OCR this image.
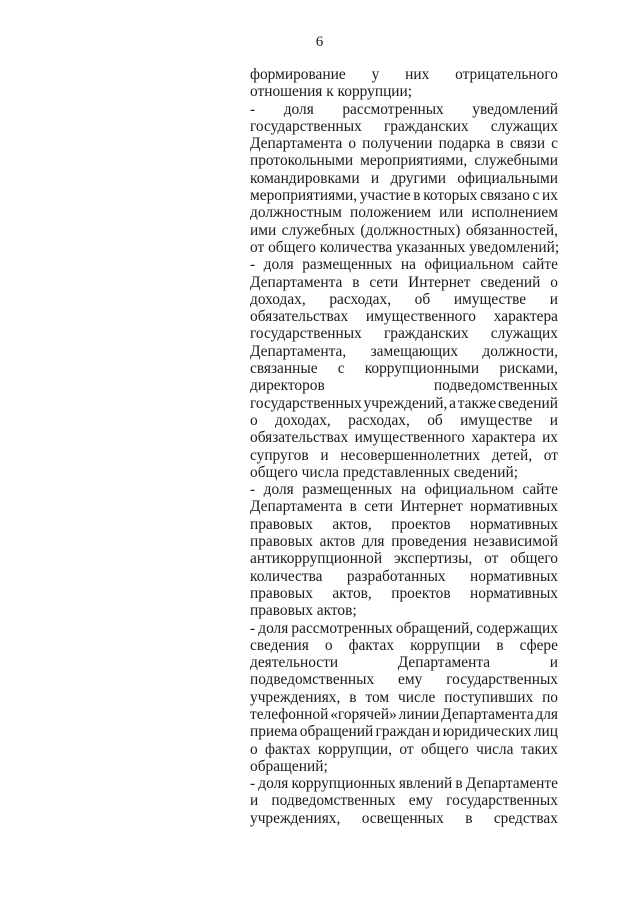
6
формирование у них отрицательного
отношения к коррупции;
- доля рассмотренных уведомлений
государственных гражданских служащих
Департамента о получении подарка в связи с
протокольными мероприятиями, служебными
командировками и другими официальными
мероприятиями, участие в которых связано с их
должностным положением или исполнением
ими служебных (должностных) обязанностей,
от общего количества указанных уведомлений;
- доля размещенных на официальном сайте
Департамента в сети Интернет сведений о
доходах, расходах, об имуществе и
обязательствах имущественного характера
государственных гражданских служащих
Департамента, замещающих должности,
связанные с коррупционными рисками,
директоров	подведомственных
государственных учреждений, а также сведений
о доходах, расходах, об имуществе и
обязательствах имущественного характера их
супругов и несовершеннолетних детей, от
общего числа представленных сведений;
- доля размещенных на официальном сайте
Департамента в сети Интернет нормативных
правовых актов, проектов нормативных
правовых актов для проведения независимой
антикоррупционной экспертизы, от общего
количества разработанных нормативных
правовых актов, проектов нормативных
правовых актов;
- доля рассмотренных обращений, содержащих
сведения о фактах коррупции в сфере
деятельности	Департамента	и
подведомственных ему государственных
учреждениях, в том числе поступивших по
телефонной «горячей» линии Департамента для
приема обращений граждан и юридических лиц
о фактах коррупции, от общего числа таких
обращений;
- доля коррупционных явлений в Департаменте
и подведомственных ему государственных
учреждениях, освещенных в средствах
